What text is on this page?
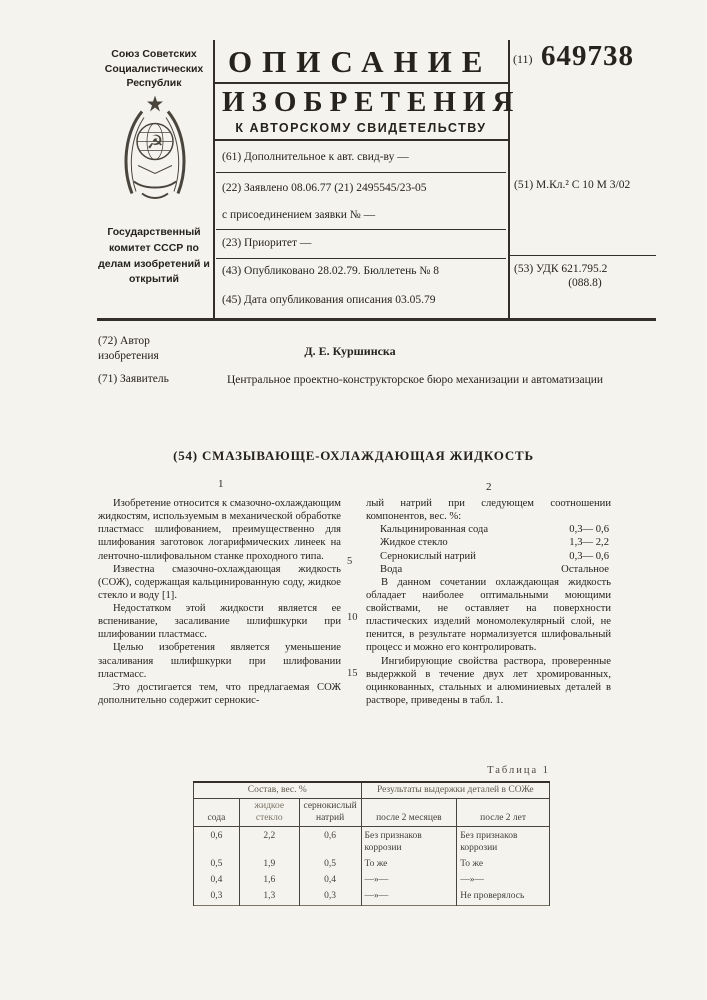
Союз Советских Социалистических Республик
☭
Государственный комитет СССР по делам изобретений и открытий
ОПИСАНИЕ
ИЗОБРЕТЕНИЯ
К АВТОРСКОМУ СВИДЕТЕЛЬСТВУ
(11) 649738
(61) Дополнительное к авт. свид-ву —
(22) Заявлено 08.06.77 (21) 2495545/23-05
с присоединением заявки № —
(23) Приоритет —
(43) Опубликовано 28.02.79. Бюллетень № 8
(45) Дата опубликования описания 03.05.79
(51) М.Кл.² C 10 M 3/02
(53) УДК 621.795.2
(088.8)
(72) Автор изобретения	Д. Е. Куршинска
(71) Заявитель	Центральное проектно-конструкторское бюро механизации и автоматизации
(54) СМАЗЫВАЮЩЕ-ОХЛАЖДАЮЩАЯ ЖИДКОСТЬ
1	2
5
10
15

Изобретение относится к смазочно-охлаждающим жидкостям, используемым в механической обработке пластмасс шлифованием, преимущественно для шлифования заготовок логарифмических линеек на ленточно-шлифовальном станке проходного типа.

Известна смазочно-охлаждающая жидкость (СОЖ), содержащая кальцинированную соду, жидкое стекло и воду [1].

Недостатком этой жидкости является ее вспенивание, засаливание шлифшкурки при шлифовании пластмасс.

Целью изобретения является уменьшение засаливания шлифшкурки при шлифовании пластмасс.

Это достигается тем, что предлагаемая СОЖ дополнительно содержит сернокис-

лый натрий при следующем соотношении компонентов, вес. %:

Кальцинированная сода	0,3— 0,6
Жидкое стекло	1,3— 2,2
Сернокислый натрий	0,3— 0,6
Вода	Остальное

В данном сочетании охлаждающая жидкость обладает наиболее оптимальными моющими свойствами, не оставляет на поверхности пластических изделий мономолекулярный слой, не пенится, в результате нормализуется шлифовальный процесс и можно его контролировать.

Ингибирующие свойства раствора, проверенные выдержкой в течение двух лет хромированных, оцинкованных, стальных и алюминиевых деталей в растворе, приведены в табл. 1.

Таблица 1
Состав, вес. %			Результаты выдержки деталей в СОЖе	
сода	жидкое стекло	сернокислый натрий	после 2 месяцев	после 2 лет
0,6	2,2	0,6	Без признаков коррозии	Без признаков коррозии
0,5	1,9	0,5	То же	То же
0,4	1,6	0,4	—»—	—»—
0,3	1,3	0,3	—»—	Не проверялось
